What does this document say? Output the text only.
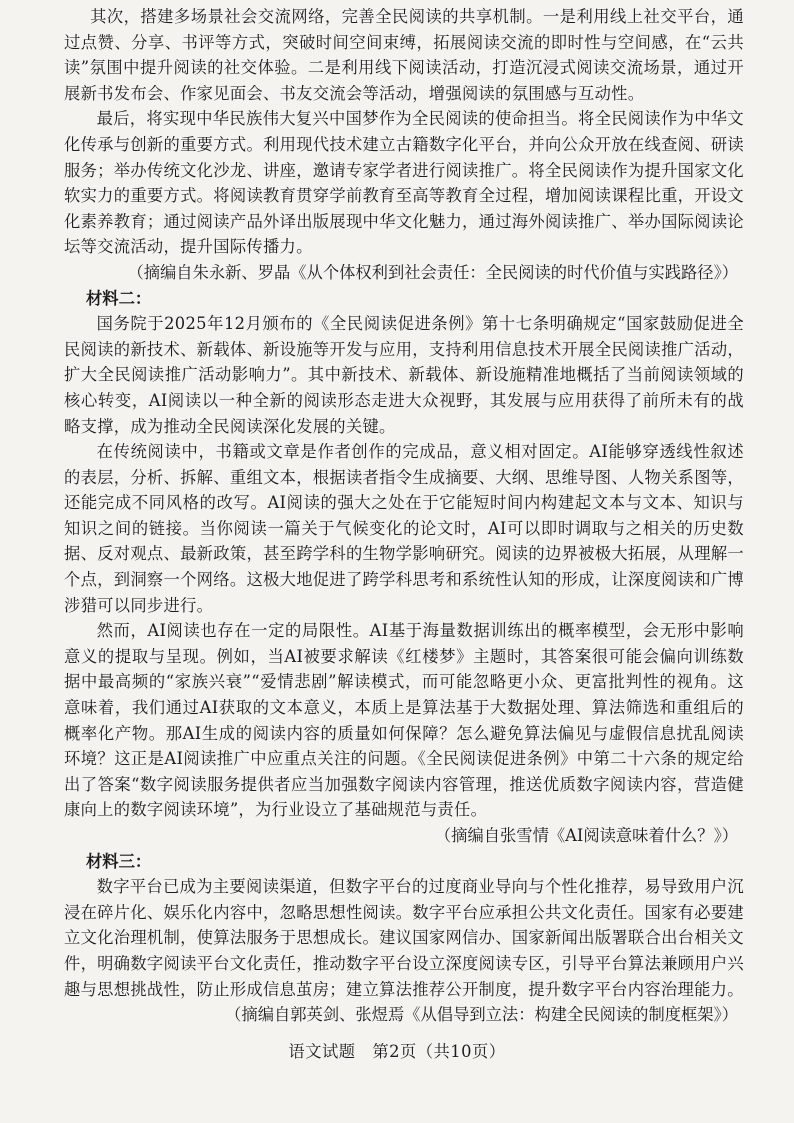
其次，搭建多场景社会交流网络，完善全民阅读的共享机制。一是利用线上社交平台，通过点赞、分享、书评等方式，突破时间空间束缚，拓展阅读交流的即时性与空间感，在“云共读”氛围中提升阅读的社交体验。二是利用线下阅读活动，打造沉浸式阅读交流场景，通过开展新书发布会、作家见面会、书友交流会等活动，增强阅读的氛围感与互动性。

最后，将实现中华民族伟大复兴中国梦作为全民阅读的使命担当。将全民阅读作为中华文化传承与创新的重要方式。利用现代技术建立古籍数字化平台，并向公众开放在线查阅、研读服务；举办传统文化沙龙、讲座，邀请专家学者进行阅读推广。将全民阅读作为提升国家文化软实力的重要方式。将阅读教育贯穿学前教育至高等教育全过程，增加阅读课程比重，开设文化素养教育；通过阅读产品外译出版展现中华文化魅力，通过海外阅读推广、举办国际阅读论坛等交流活动，提升国际传播力。

（摘编自朱永新、罗晶《从个体权利到社会责任：全民阅读的时代价值与实践路径》）

材料二：

国务院于2025年12月颁布的《全民阅读促进条例》第十七条明确规定“国家鼓励促进全民阅读的新技术、新载体、新设施等开发与应用，支持利用信息技术开展全民阅读推广活动，扩大全民阅读推广活动影响力”。其中新技术、新载体、新设施精准地概括了当前阅读领域的核心转变，AI阅读以一种全新的阅读形态走进大众视野，其发展与应用获得了前所未有的战略支撑，成为推动全民阅读深化发展的关键。

在传统阅读中，书籍或文章是作者创作的完成品，意义相对固定。AI能够穿透线性叙述的表层，分析、拆解、重组文本，根据读者指令生成摘要、大纲、思维导图、人物关系图等，还能完成不同风格的改写。AI阅读的强大之处在于它能短时间内构建起文本与文本、知识与知识之间的链接。当你阅读一篇关于气候变化的论文时，AI可以即时调取与之相关的历史数据、反对观点、最新政策，甚至跨学科的生物学影响研究。阅读的边界被极大拓展，从理解一个点，到洞察一个网络。这极大地促进了跨学科思考和系统性认知的形成，让深度阅读和广博涉猎可以同步进行。

然而，AI阅读也存在一定的局限性。AI基于海量数据训练出的概率模型，会无形中影响意义的提取与呈现。例如，当AI被要求解读《红楼梦》主题时，其答案很可能会偏向训练数据中最高频的“家族兴衰”“爱情悲剧”解读模式，而可能忽略更小众、更富批判性的视角。这意味着，我们通过AI获取的文本意义，本质上是算法基于大数据处理、算法筛选和重组后的概率化产物。那AI生成的阅读内容的质量如何保障？怎么避免算法偏见与虚假信息扰乱阅读环境？这正是AI阅读推广中应重点关注的问题。《全民阅读促进条例》中第二十六条的规定给出了答案“数字阅读服务提供者应当加强数字阅读内容管理，推送优质数字阅读内容，营造健康向上的数字阅读环境”，为行业设立了基础规范与责任。

（摘编自张雪情《AI阅读意味着什么？》）

材料三：

数字平台已成为主要阅读渠道，但数字平台的过度商业导向与个性化推荐，易导致用户沉浸在碎片化、娱乐化内容中，忽略思想性阅读。数字平台应承担公共文化责任。国家有必要建立文化治理机制，使算法服务于思想成长。建议国家网信办、国家新闻出版署联合出台相关文件，明确数字阅读平台文化责任，推动数字平台设立深度阅读专区，引导平台算法兼顾用户兴趣与思想挑战性，防止形成信息茧房；建立算法推荐公开制度，提升数字平台内容治理能力。

（摘编自郭英剑、张煜焉《从倡导到立法：构建全民阅读的制度框架》）

语文试题　第2页（共10页）
